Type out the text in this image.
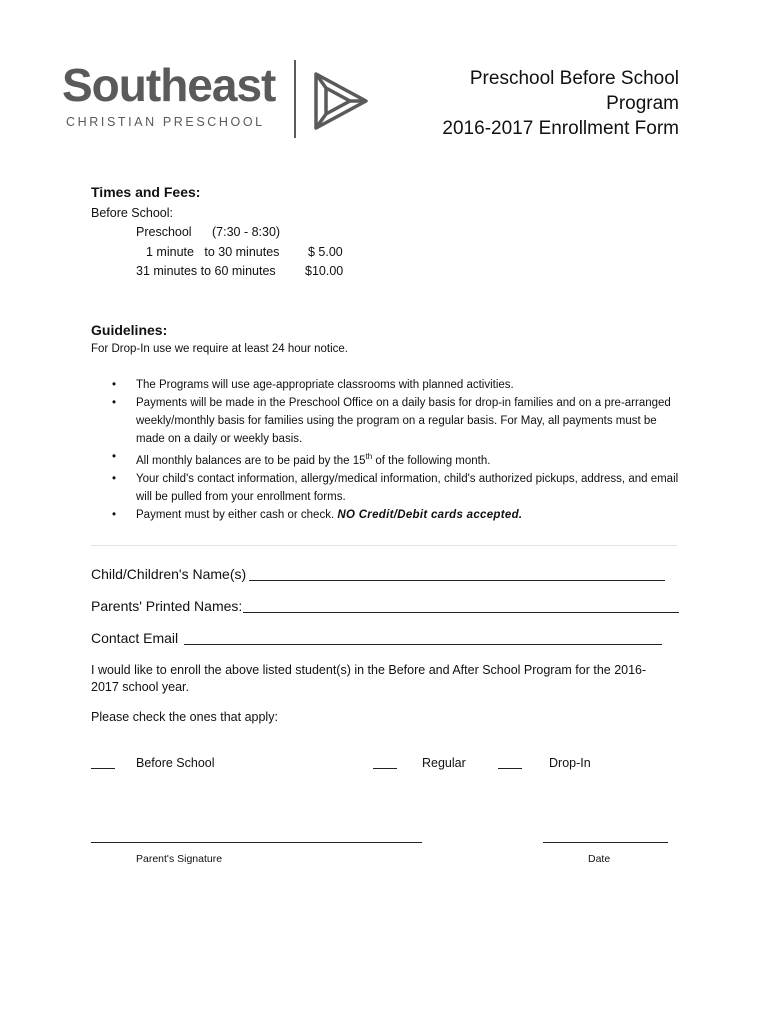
Southeast
CHRISTIAN PRESCHOOL
Preschool Before School
Program
2016-2017 Enrollment Form
Times and Fees:
Before School:
Preschool (7:30 - 8:30)
1 minute   to 30 minutes $ 5.00
31 minutes to 60 minutes $10.00
Guidelines:
For Drop-In use we require at least 24 hour notice.
• The Programs will use age-appropriate classrooms with planned activities.
• Payments will be made in the Preschool Office on a daily basis for drop-in families and on a pre-arranged weekly/monthly basis for families using the program on a regular basis. For May, all payments must be made on a daily or weekly basis.
• All monthly balances are to be paid by the 15th of the following month.
• Your child's contact information, allergy/medical information, child's authorized pickups, address, and email will be pulled from your enrollment forms.
• Payment must by either cash or check. NO Credit/Debit cards accepted.
Child/Children's Name(s)
Parents' Printed Names:
Contact Email
I would like to enroll the above listed student(s) in the Before and After School Program for the 2016-2017 school year.
Please check the ones that apply:
Before School	Regular	Drop-In
Parent's Signature	Date
